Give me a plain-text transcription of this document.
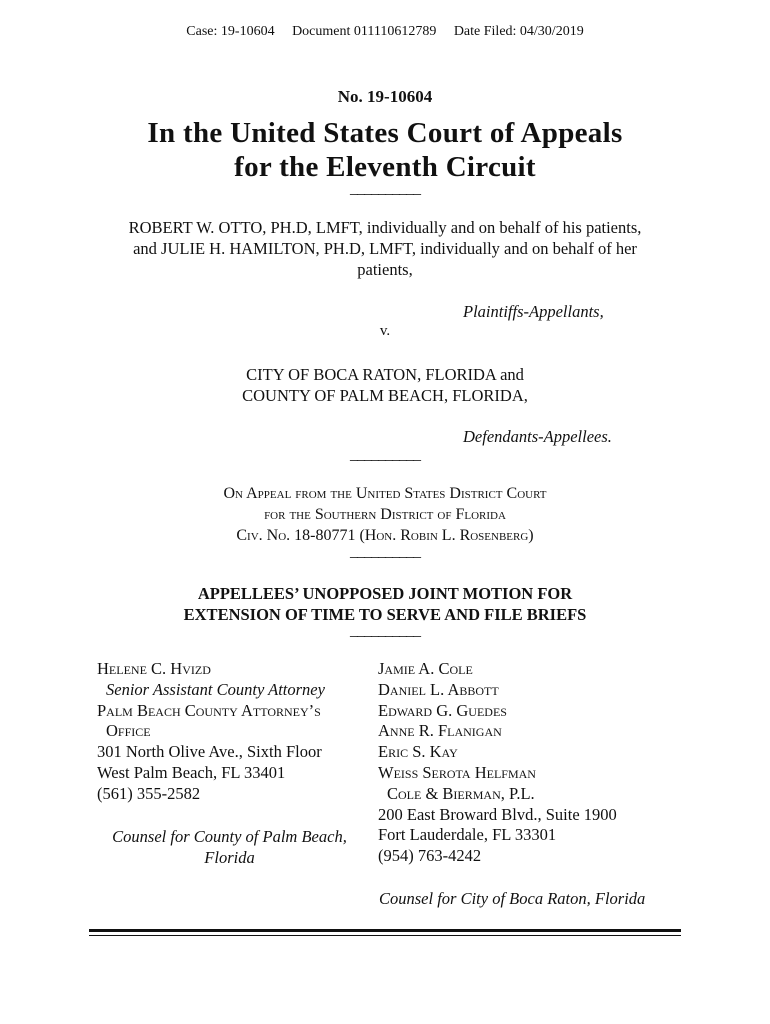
Case: 19-10604     Document 011110612789     Date Filed: 04/30/2019
No. 19-10604
In the United States Court of Appeals
for the Eleventh Circuit
__________
ROBERT W. OTTO, PH.D, LMFT, individually and on behalf of his patients,
and JULIE H. HAMILTON, PH.D, LMFT, individually and on behalf of her
patients,
Plaintiffs-Appellants,
v.
CITY OF BOCA RATON, FLORIDA and
COUNTY OF PALM BEACH, FLORIDA,
Defendants-Appellees.
__________
On Appeal from the United States District Court
for the Southern District of Florida
Civ. No. 18-80771 (Hon. Robin L. Rosenberg)
__________
APPELLEES’ UNOPPOSED JOINT MOTION FOR
EXTENSION OF TIME TO SERVE AND FILE BRIEFS
__________
Helene C. Hvizd
Senior Assistant County Attorney
Palm Beach County Attorney’s
Office
301 North Olive Ave., Sixth Floor
West Palm Beach, FL 33401
(561) 355-2582
Counsel for County of Palm Beach,
Florida
Jamie A. Cole
Daniel L. Abbott
Edward G. Guedes
Anne R. Flanigan
Eric S. Kay
Weiss Serota Helfman
Cole & Bierman, P.L.
200 East Broward Blvd., Suite 1900
Fort Lauderdale, FL 33301
(954) 763-4242
Counsel for City of Boca Raton, Florida
